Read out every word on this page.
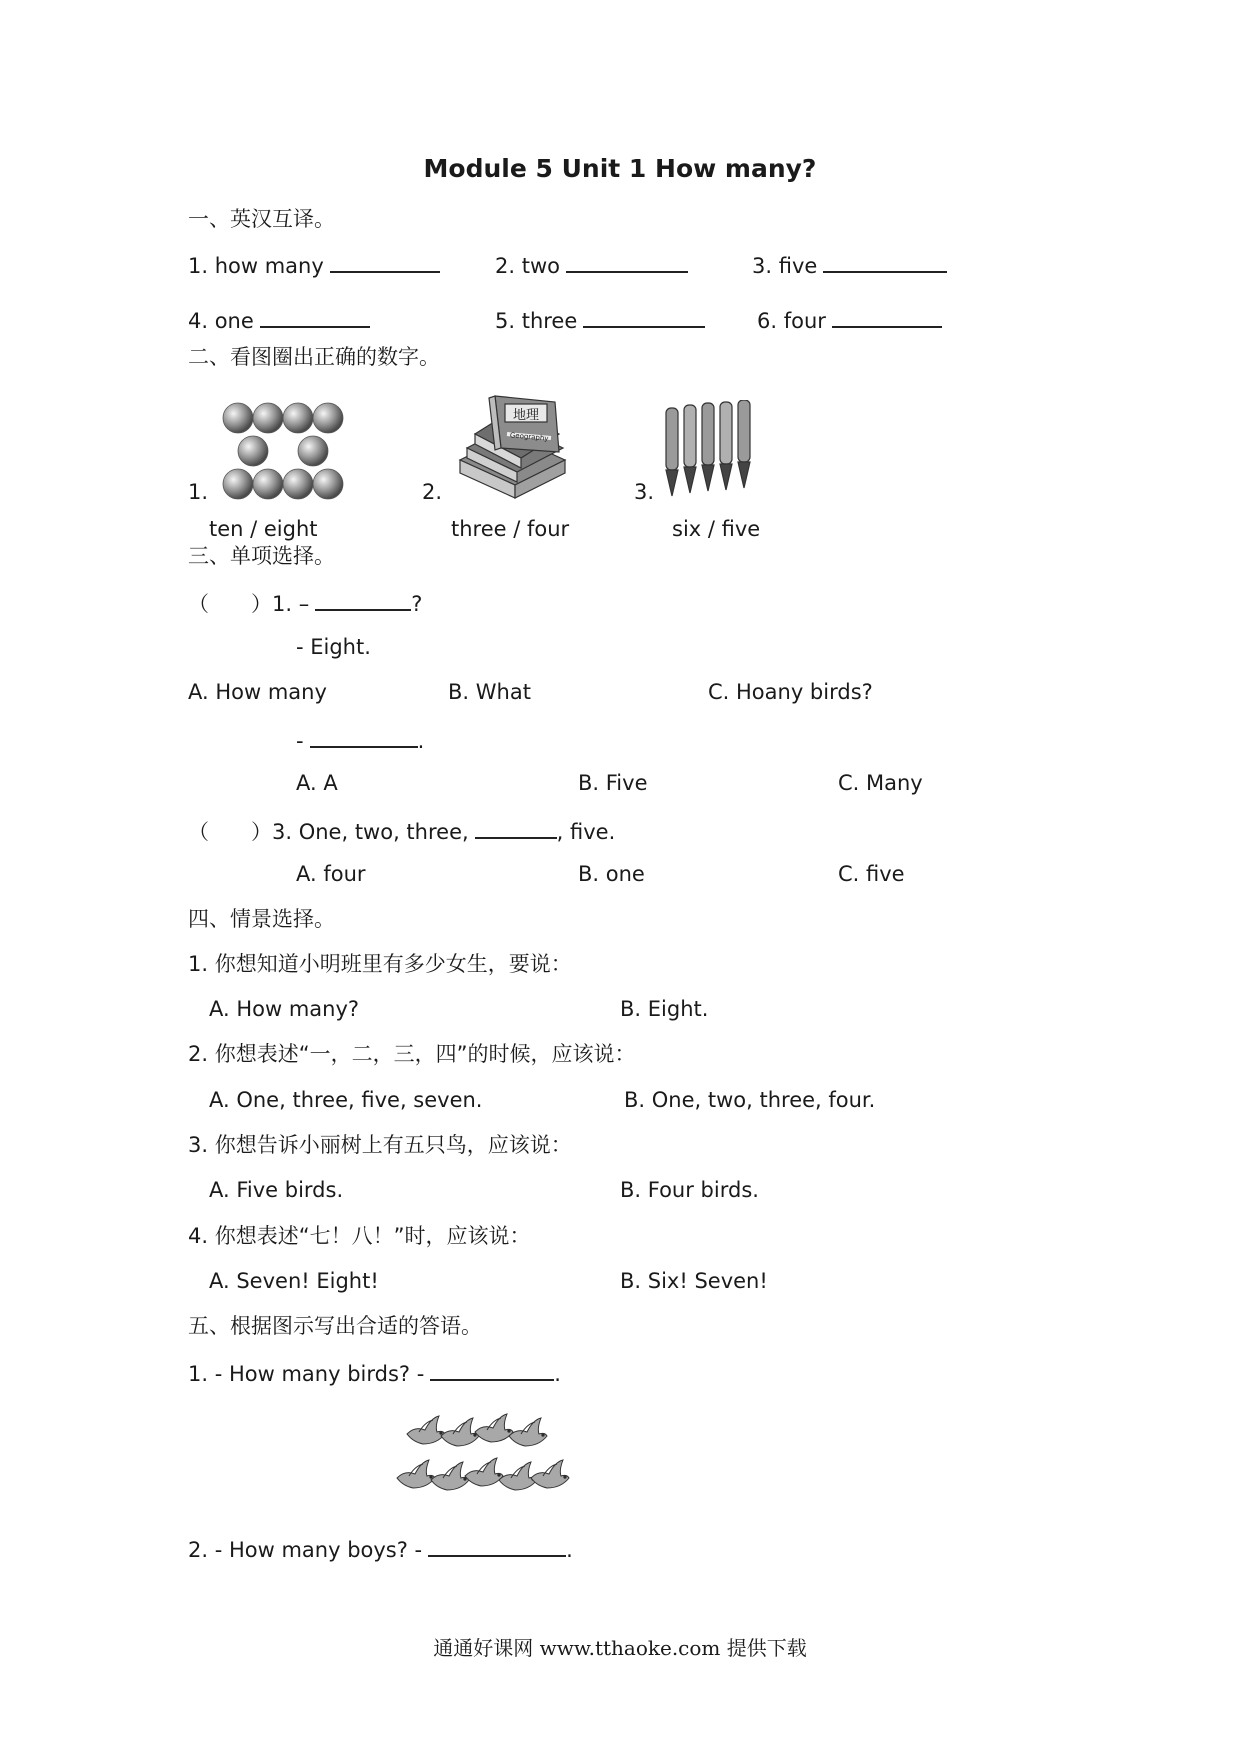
Module 5 Unit 1 How many?
一、英汉互译。
1. how many	2. two	3. five
4. one	5. three	6. four
二、看图圈出正确的数字。
1.	2.
地理
Geography
3.
ten / eight	three / four	six / five
三、单项选择。
（　　）1. –	?
- Eight.
A. How many	B. What	C. Hoany birds?
-	.
A. A	B. Five	C. Many
（　　）3. One, two, three,	, five.
A. four	B. one	C. five
四、情景选择。
1. 你想知道小明班里有多少女生，要说：
A. How many?	B. Eight.
2. 你想表述“一，二，三，四”的时候，应该说：
A. One, three, five, seven.	B. One, two, three, four.
3. 你想告诉小丽树上有五只鸟，应该说：
A. Five birds.	B. Four birds.
4. 你想表述“七！八！”时，应该说：
A. Seven! Eight!	B. Six! Seven!
五、根据图示写出合适的答语。
1. - How many birds? -	.
2. - How many boys? -	.
通通好课网 www.tthaoke.com 提供下载
